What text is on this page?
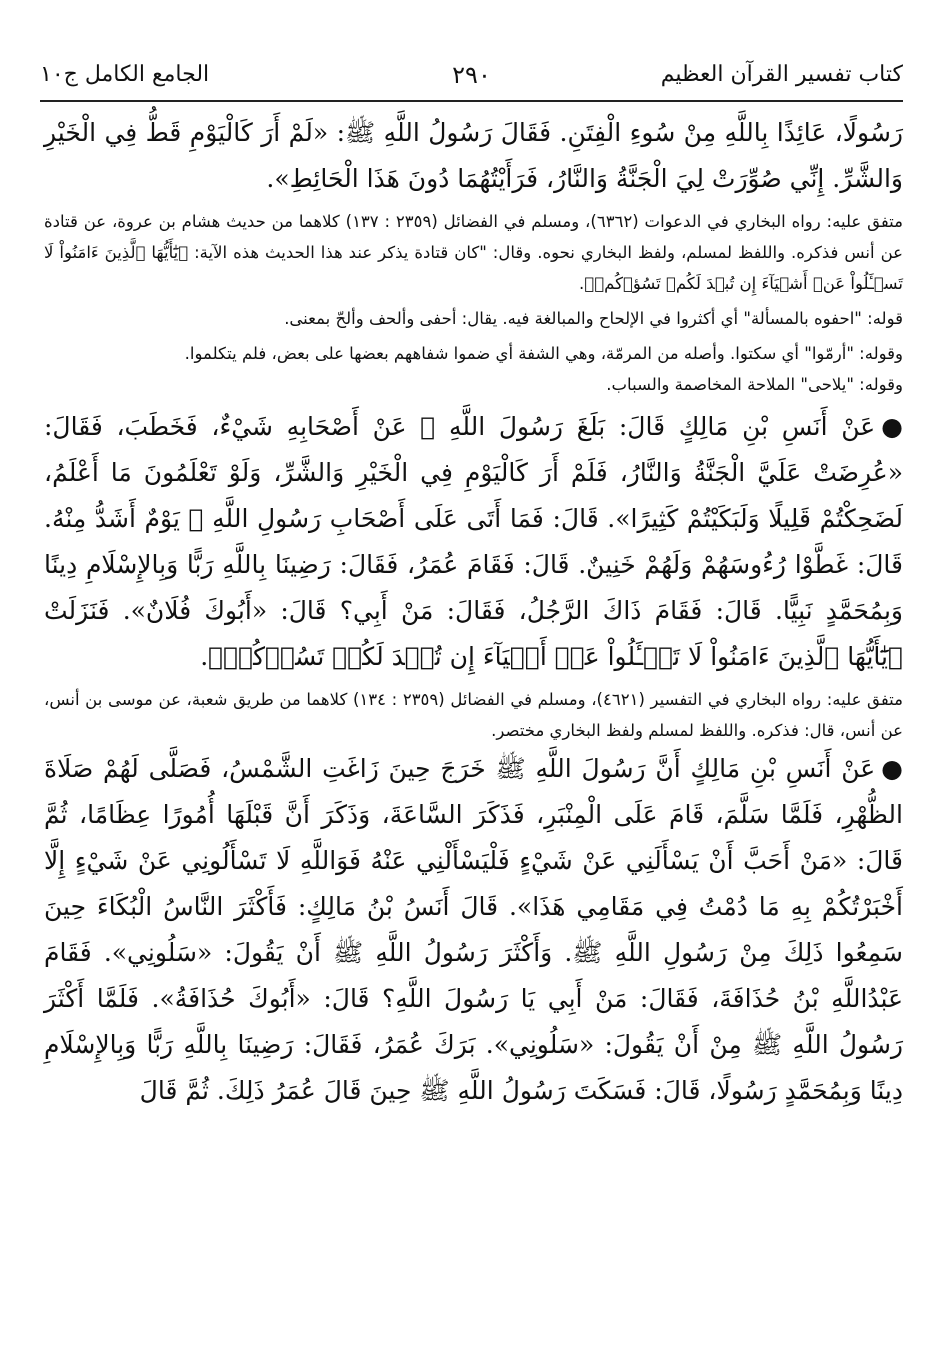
كتاب تفسير القرآن العظيم
٢٩٠
الجامع الكامل ج١٠

رَسُولًا، عَائِذًا بِاللَّهِ مِنْ سُوءِ الْفِتَنِ. فَقَالَ رَسُولُ اللَّهِ ﷺ: «لَمْ أَرَ كَالْيَوْمِ قَطُّ فِي الْخَيْرِ وَالشَّرِّ. إِنِّي صُوِّرَتْ لِيَ الْجَنَّةُ وَالنَّارُ، فَرَأَيْتُهُمَا دُونَ هَذَا الْحَائِطِ».

متفق عليه: رواه البخاري في الدعوات (٦٣٦٢)، ومسلم في الفضائل (٢٣٥٩ : ١٣٧) كلاهما من حديث هشام بن عروة، عن قتادة عن أنس فذكره. واللفظ لمسلم، ولفظ البخاري نحوه. وقال: "كان قتادة يذكر عند هذا الحديث هذه الآية: ﴿يَٰٓأَيُّهَا ٱلَّذِينَ ءَامَنُواْ لَا تَسۡـَٔلُواْ عَنۡ أَشۡيَآءَ إِن تُبۡدَ لَكُمۡ تَسُؤۡكُمۡ﴾.

قوله: "احفوه بالمسألة" أي أكثروا في الإلحاح والمبالغة فيه. يقال: أحفى وألحف وألحّ بمعنى.

وقوله: "أرمّوا" أي سكتوا. وأصله من المرمّة، وهي الشفة أي ضموا شفاههم بعضها على بعض، فلم يتكلموا.

وقوله: "يلاحى" الملاحة المخاصمة والسباب.

●عَنْ أَنَسِ بْنِ مَالِكٍ قَالَ: بَلَغَ رَسُولَ اللَّهِ ﷺ عَنْ أَصْحَابِهِ شَيْءٌ، فَخَطَبَ، فَقَالَ: «عُرِضَتْ عَلَيَّ الْجَنَّةُ وَالنَّارُ، فَلَمْ أَرَ كَالْيَوْمِ فِي الْخَيْرِ وَالشَّرِّ، وَلَوْ تَعْلَمُونَ مَا أَعْلَمُ، لَضَحِكْتُمْ قَلِيلًا وَلَبَكَيْتُمْ كَثِيرًا». قَالَ: فَمَا أَتَى عَلَى أَصْحَابِ رَسُولِ اللَّهِ ﷺ يَوْمٌ أَشَدُّ مِنْهُ. قَالَ: غَطَّوْا رُءُوسَهُمْ وَلَهُمْ خَنِينٌ. قَالَ: فَقَامَ عُمَرُ، فَقَالَ: رَضِينَا بِاللَّهِ رَبًّا وَبِالإِسْلَامِ دِينًا وَبِمُحَمَّدٍ نَبِيًّا. قَالَ: فَقَامَ ذَاكَ الرَّجُلُ، فَقَالَ: مَنْ أَبِي؟ قَالَ: «أَبُوكَ فُلَانٌ». فَنَزَلَتْ ﴿يَٰٓأَيُّهَا ٱلَّذِينَ ءَامَنُواْ لَا تَسۡـَٔلُواْ عَنۡ أَشۡيَآءَ إِن تُبۡدَ لَكُمۡ تَسُؤۡكُمۡ﴾.

متفق عليه: رواه البخاري في التفسير (٤٦٢١)، ومسلم في الفضائل (٢٣٥٩ : ١٣٤) كلاهما من طريق شعبة، عن موسى بن أنس، عن أنس، قال: فذكره. واللفظ لمسلم ولفظ البخاري مختصر.

●عَنْ أَنَسِ بْنِ مَالِكٍ أَنَّ رَسُولَ اللَّهِ ﷺ خَرَجَ حِينَ زَاغَتِ الشَّمْسُ، فَصَلَّى لَهُمْ صَلَاةَ الظُّهْرِ، فَلَمَّا سَلَّمَ، قَامَ عَلَى الْمِنْبَرِ، فَذَكَرَ السَّاعَةَ، وَذَكَرَ أَنَّ قَبْلَهَا أُمُورًا عِظَامًا، ثُمَّ قَالَ: «مَنْ أَحَبَّ أَنْ يَسْأَلَنِي عَنْ شَيْءٍ فَلْيَسْأَلْنِي عَنْهُ فَوَاللَّهِ لَا تَسْأَلُونِي عَنْ شَيْءٍ إِلَّا أَخْبَرْتُكُمْ بِهِ مَا دُمْتُ فِي مَقَامِي هَذَا». قَالَ أَنَسُ بْنُ مَالِكٍ: فَأَكْثَرَ النَّاسُ الْبُكَاءَ حِينَ سَمِعُوا ذَلِكَ مِنْ رَسُولِ اللَّهِ ﷺ. وَأَكْثَرَ رَسُولُ اللَّهِ ﷺ أَنْ يَقُولَ: «سَلُونِي». فَقَامَ عَبْدُاللَّهِ بْنُ حُذَافَةَ، فَقَالَ: مَنْ أَبِي يَا رَسُولَ اللَّهِ؟ قَالَ: «أَبُوكَ حُذَافَةُ». فَلَمَّا أَكْثَرَ رَسُولُ اللَّهِ ﷺ مِنْ أَنْ يَقُولَ: «سَلُونِي». بَرَكَ عُمَرُ، فَقَالَ: رَضِينَا بِاللَّهِ رَبًّا وَبِالإِسْلَامِ دِينًا وَبِمُحَمَّدٍ رَسُولًا، قَالَ: فَسَكَتَ رَسُولُ اللَّهِ ﷺ حِينَ قَالَ عُمَرُ ذَلِكَ. ثُمَّ قَالَ
